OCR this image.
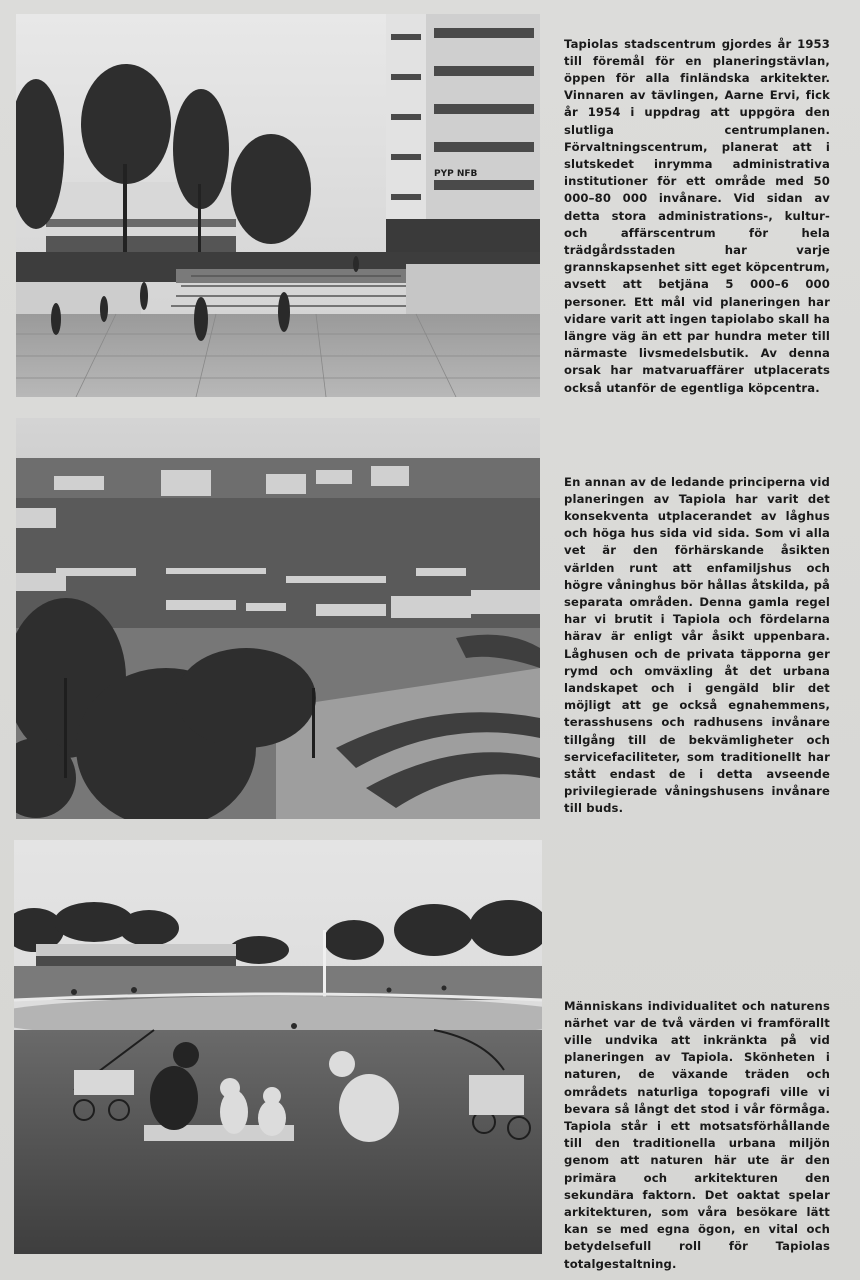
PYP NFB

Tapiolas stadscentrum gjordes år 1953 till föremål för en planeringstävlan, öppen för alla finländska arkitekter. Vinnaren av tävlingen, Aarne Ervi, fick år 1954 i uppdrag att uppgöra den slutliga centrumplanen. Förvaltningscentrum, planerat att i slutskedet inrymma administrativa institutioner för ett område med 50 000–80 000 invånare. Vid sidan av detta stora administrations-, kultur- och affärscentrum för hela trädgårdsstaden har varje grannskapsenhet sitt eget köpcentrum, avsett att betjäna 5 000–6 000 personer. Ett mål vid planeringen har vidare varit att ingen tapiolabo skall ha längre väg än ett par hundra meter till närmaste livsmedelsbutik. Av denna orsak har matvaruaffärer utplacerats också utanför de egentliga köpcentra.

En annan av de ledande principerna vid planeringen av Tapiola har varit det konsekventa utplacerandet av låghus och höga hus sida vid sida. Som vi alla vet är den förhärskande åsikten världen runt att enfamiljshus och högre våninghus bör hållas åtskilda, på separata områden. Denna gamla regel har vi brutit i Tapiola och fördelarna härav är enligt vår åsikt uppenbara. Låghusen och de privata täpporna ger rymd och omväxling åt det urbana landskapet och i gengäld blir det möjligt att ge också egnahemmens, terasshusens och radhusens invånare tillgång till de bekvämligheter och servicefaciliteter, som traditionellt har stått endast de i detta avseende privilegierade våningshusens invånare till buds.

Människans individualitet och naturens närhet var de två värden vi framförallt ville undvika att inkränkta på vid planeringen av Tapiola. Skönheten i naturen, de växande träden och områdets naturliga topografi ville vi bevara så långt det stod i vår förmåga. Tapiola står i ett motsatsförhållande till den traditionella urbana miljön genom att naturen här ute är den primära och arkitekturen den sekundära faktorn. Det oaktat spelar arkitekturen, som våra besökare lätt kan se med egna ögon, en vital och betydelsefull roll för Tapiolas totalgestaltning.
